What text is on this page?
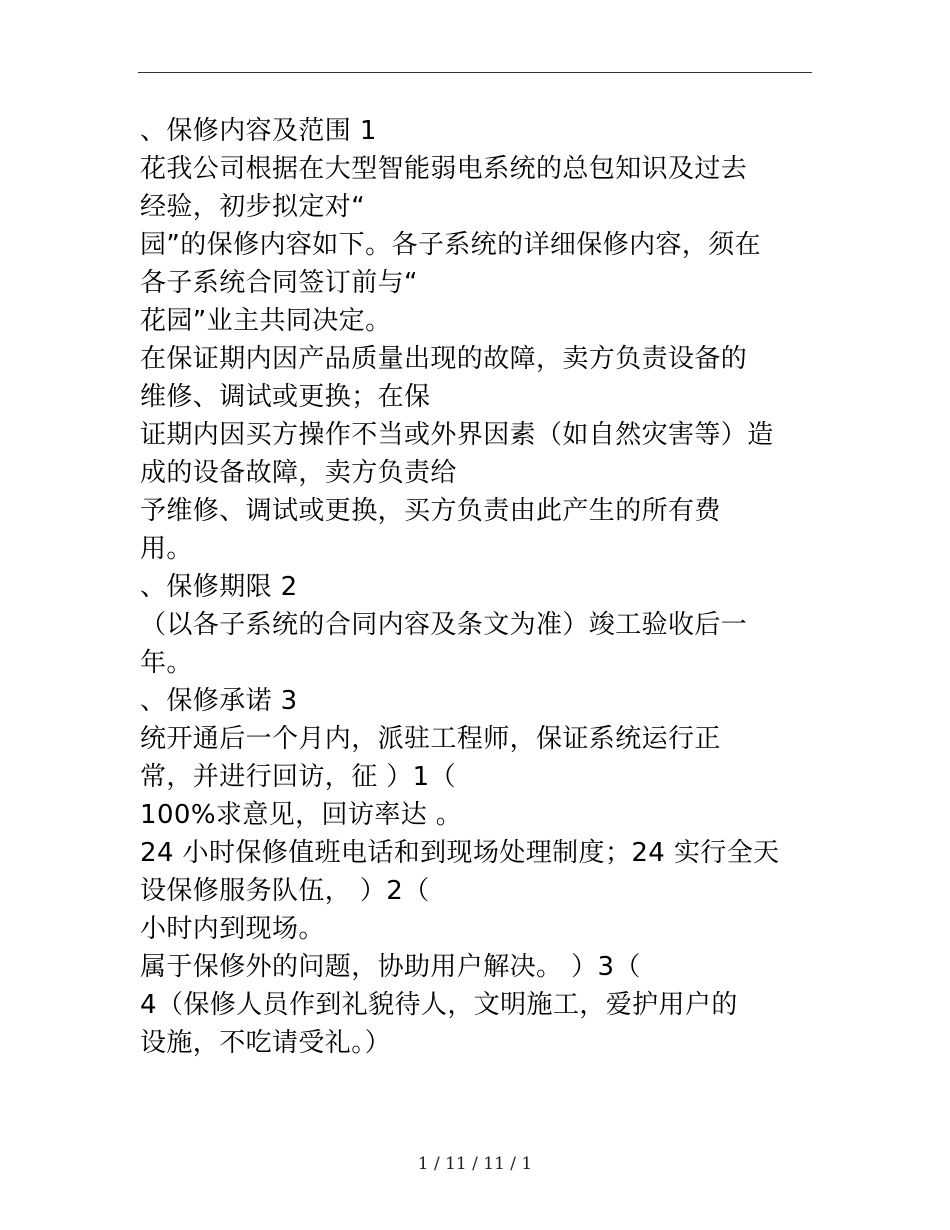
、保修内容及范围 1
花我公司根据在大型智能弱电系统的总包知识及过去
经验，初步拟定对“
园”的保修内容如下。各子系统的详细保修内容，须在
各子系统合同签订前与“
花园”业主共同决定。
在保证期内因产品质量出现的故障，卖方负责设备的
维修、调试或更换；在保
证期内因买方操作不当或外界因素（如自然灾害等）造
成的设备故障，卖方负责给
予维修、调试或更换，买方负责由此产生的所有费
用。
、保修期限 2
（以各子系统的合同内容及条文为准）竣工验收后一
年。
、保修承诺 3
统开通后一个月内，派驻工程师，保证系统运行正
常，并进行回访，征 ）1（
100%求意见，回访率达 。
24 小时保修值班电话和到现场处理制度；24 实行全天
设保修服务队伍， ）2（
小时内到现场。
属于保修外的问题，协助用户解决。 ）3（
4（保修人员作到礼貌待人，文明施工，爱护用户的
设施，不吃请受礼。）
1 / 11 / 11 / 1
